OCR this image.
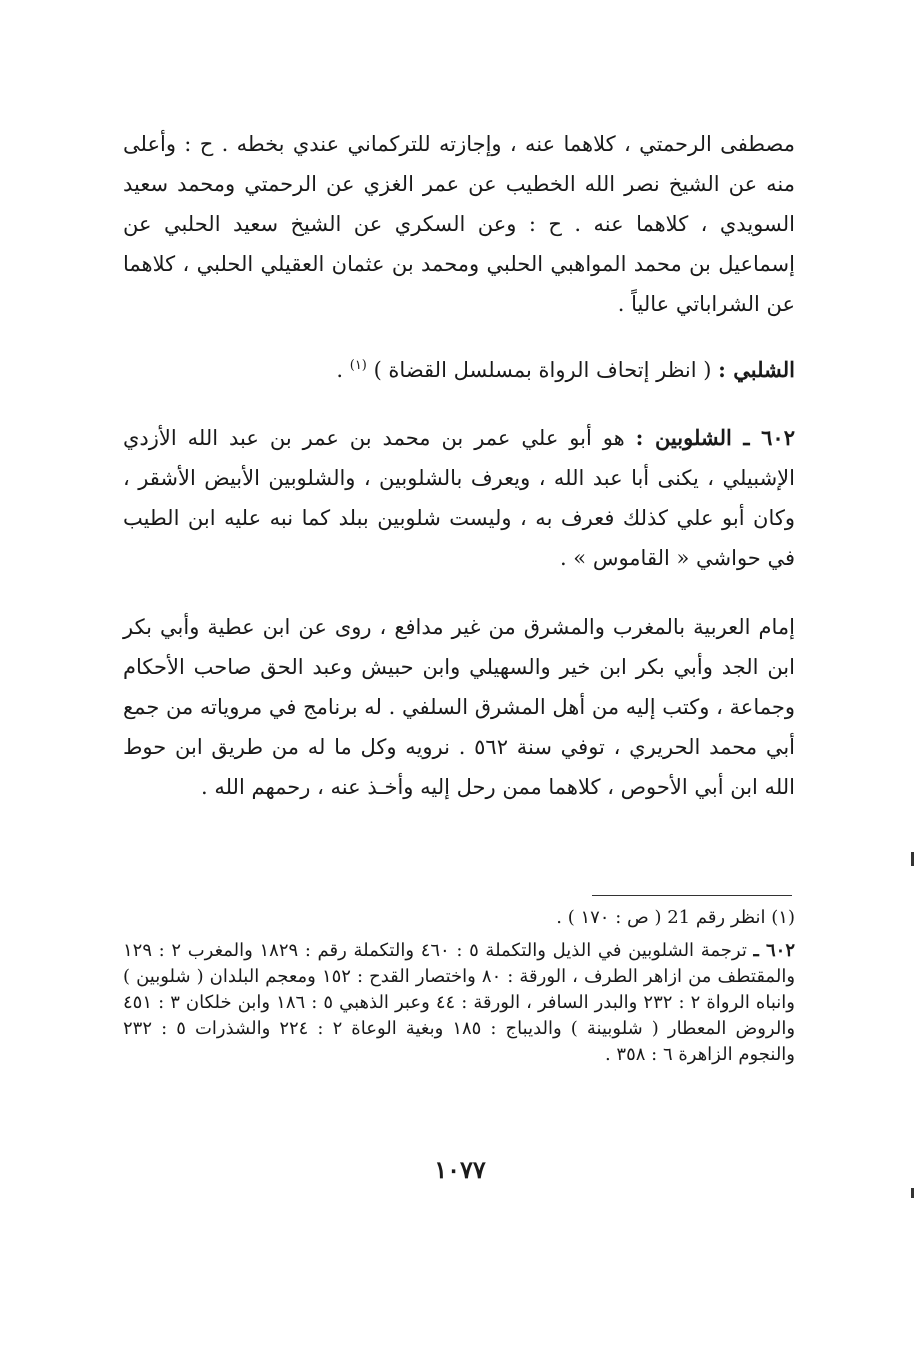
مصطفى الرحمتي ، كلاهما عنه ، وإجازته للتركماني عندي بخطه . ح : وأعلى منه عن الشيخ نصر الله الخطيب عن عمر الغزي عن الرحمتي ومحمد سعيد السويدي ، كلاهما عنه . ح : وعن السكري عن الشيخ سعيد الحلبي عن إسماعيل بن محمد المواهبي الحلبي ومحمد بن عثمان العقيلي الحلبي ، كلاهما عن الشراباتي عالياً .

الشلبي : ( انظر إتحاف الرواة بمسلسل القضاة ) $^{(١)}$ .

٦٠٢ ـ الشلوبين : هو أبو علي عمر بن محمد بن عمر بن عبد الله الأزدي الإشبيلي ، يكنى أبا عبد الله ، ويعرف بالشلوبين ، والشلوبين الأبيض الأشقر ، وكان أبو علي كذلك فعرف به ، وليست شلوبين ببلد كما نبه عليه ابن الطيب في حواشي « القاموس » .

إمام العربية بالمغرب والمشرق من غير مدافع ، روى عن ابن عطية وأبي بكر ابن الجد وأبي بكر ابن خير والسهيلي وابن حبيش وعبد الحق صاحب الأحكام وجماعة ، وكتب إليه من أهل المشرق السلفي . له برنامج في مروياته من جمع أبي محمد الحريري ، توفي سنة ٥٦٢ . نرويه وكل ما له من طريق ابن حوط الله ابن أبي الأحوص ، كلاهما ممن رحل إليه وأخـذ عنه ، رحمهم الله .

(١) انظر رقم 21 ( ص : ١٧٠ ) .

٦٠٢ ـ ترجمة الشلوبين في الذيل والتكملة ٥ : ٤٦٠ والتكملة رقم : ١٨٢٩ والمغرب ٢ : ١٢٩ والمقتطف من ازاهر الطرف ، الورقة : ٨٠ واختصار القدح : ١٥٢ ومعجم البلدان ( شلوبين ) وانباه الرواة ٢ : ٢٣٢ والبدر السافر ، الورقة : ٤٤ وعبر الذهبي ٥ : ١٨٦ وابن خلكان ٣ : ٤٥١ والروض المعطار ( شلوبينة ) والديباج : ١٨٥ وبغية الوعاة ٢ : ٢٢٤ والشذرات ٥ : ٢٣٢ والنجوم الزاهرة ٦ : ٣٥٨ .

١٠٧٧
